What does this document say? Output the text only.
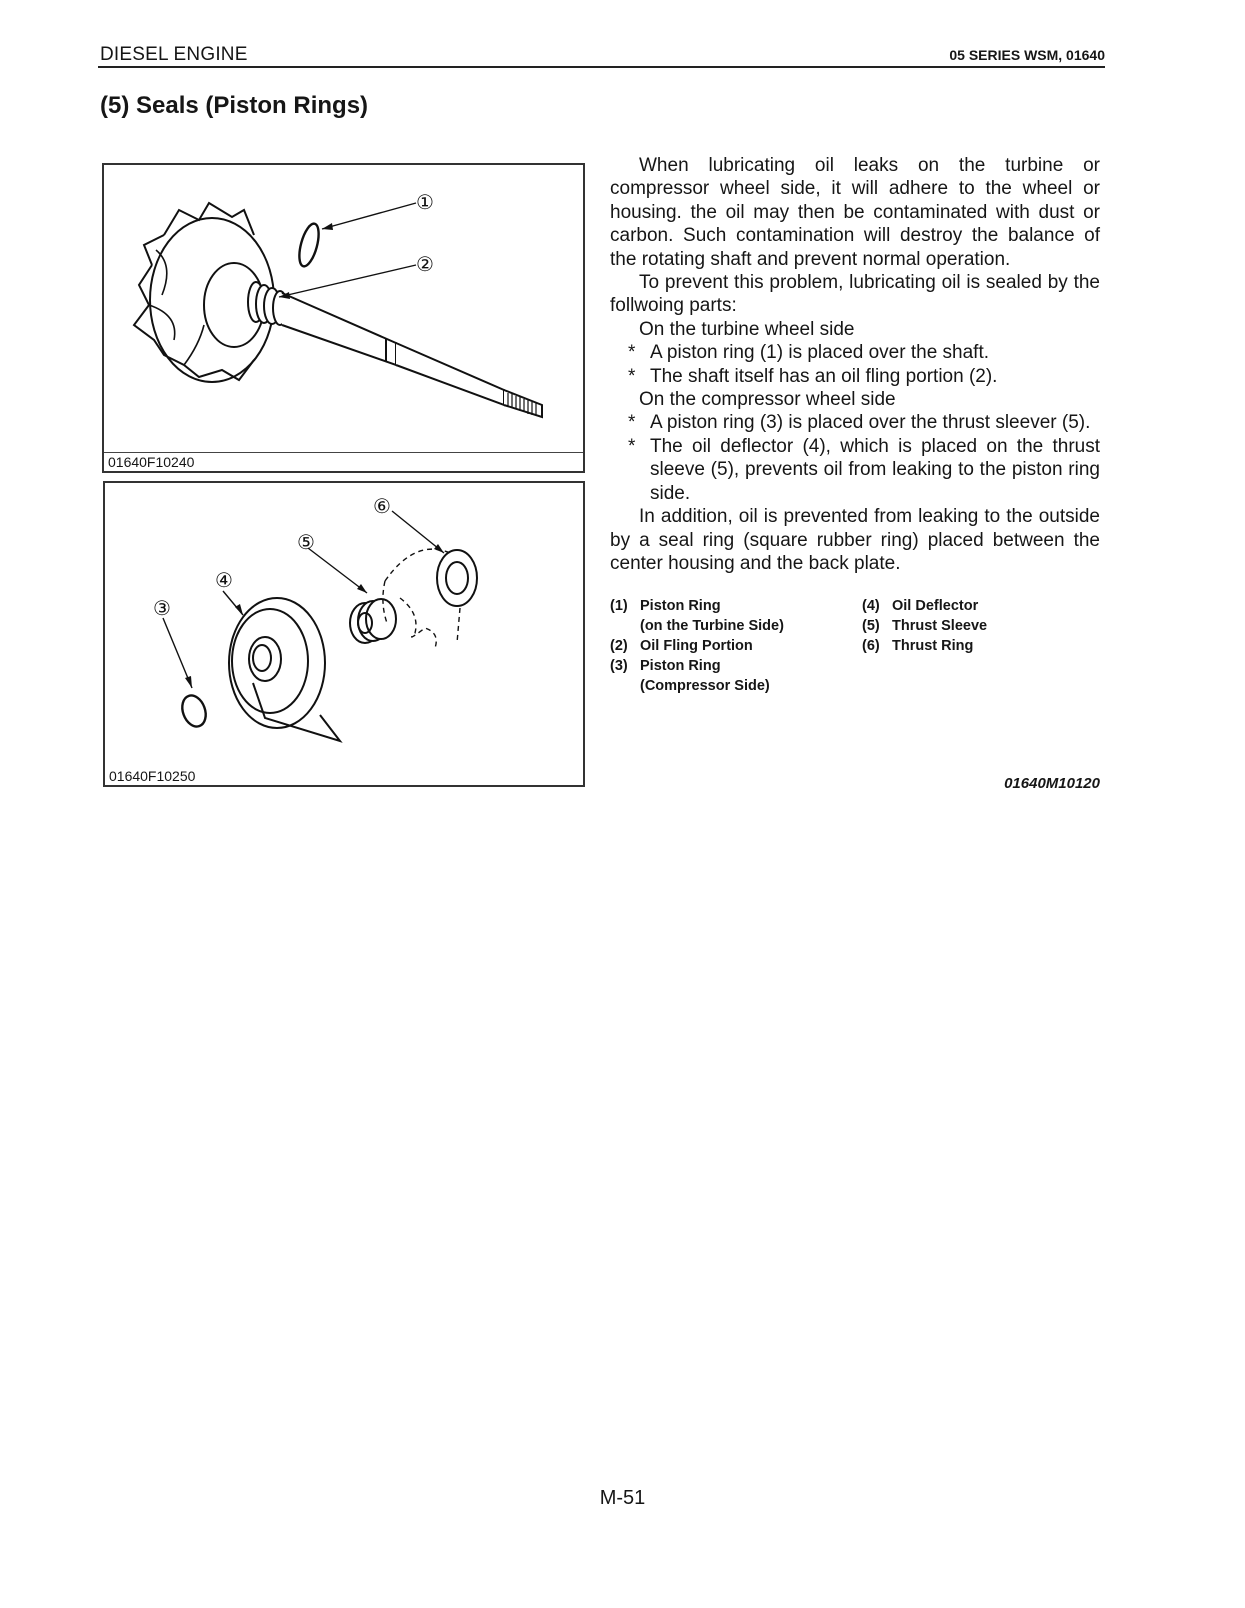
DIESEL ENGINE	05 SERIES WSM, 01640
(5) Seals (Piston Rings)
①
②
01640F10240
③
④
⑤
⑥
01640F10250

When lubricating oil leaks on the turbine or compressor wheel side, it will adhere to the wheel or housing. the oil may then be contaminated with dust or carbon. Such contamination will destroy the balance of the rotating shaft and prevent normal operation.

To prevent this problem, lubricating oil is sealed by the follwoing parts:

On the turbine wheel side

* A piston ring (1) is placed over the shaft.

* The shaft itself has an oil fling portion (2).

On the compressor wheel side

* A piston ring (3) is placed over the thrust sleever (5).

* The oil deflector (4), which is placed on the thrust sleeve (5), prevents oil from leaking to the piston ring side.

In addition, oil is prevented from leaking to the outside by a seal ring (square rubber ring) placed between the center housing and the back plate.

(1) Piston Ring
(on the Turbine Side)
(2) Oil Fling Portion
(3) Piston Ring
(Compressor Side)
(4) Oil Deflector
(5) Thrust Sleeve
(6) Thrust Ring
01640M10120
M-51
